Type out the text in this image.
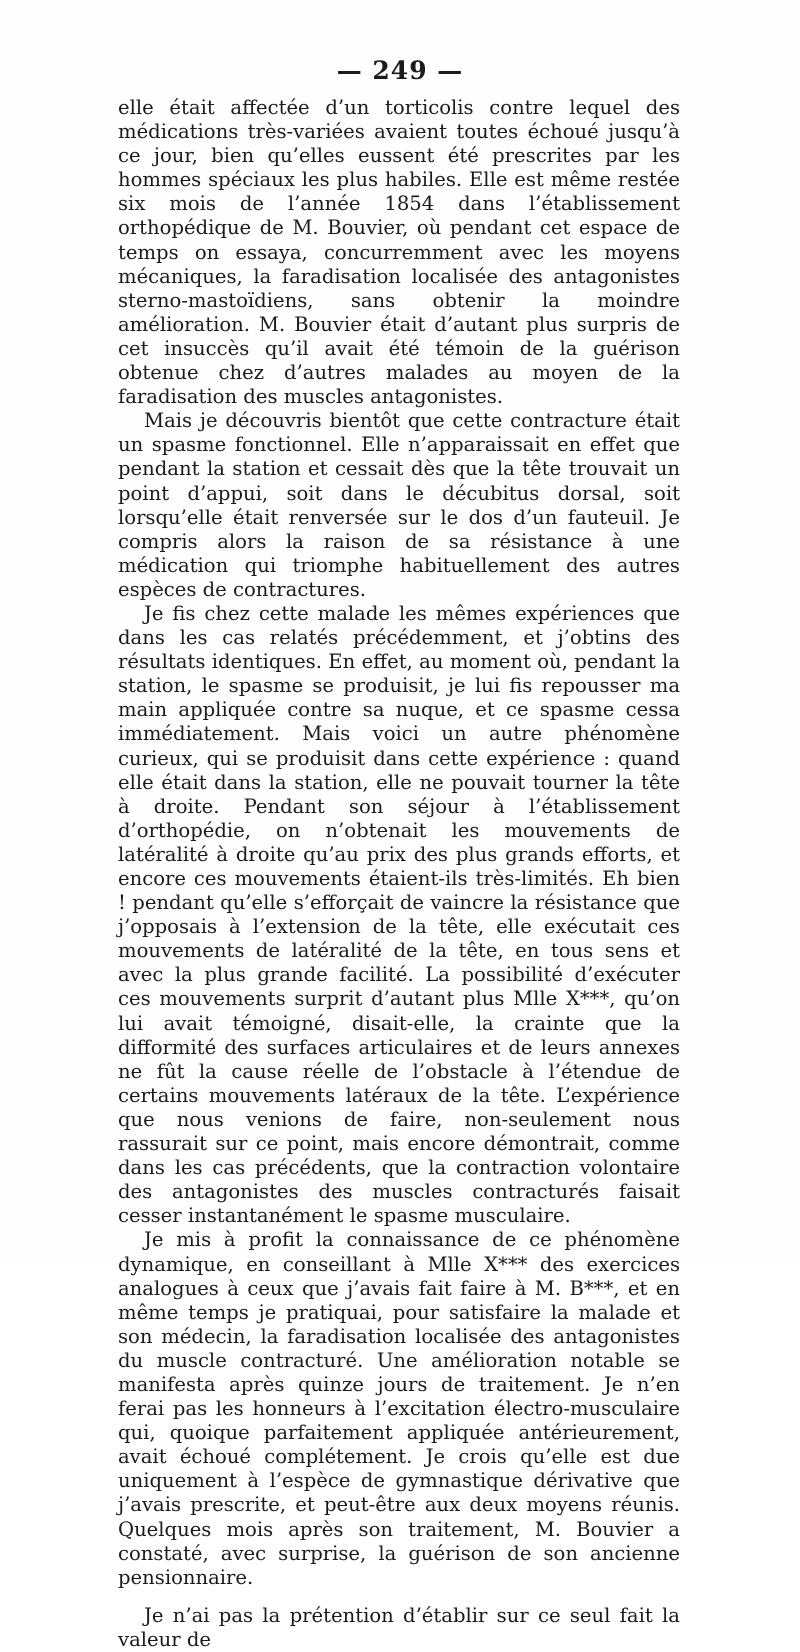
— 249 —

elle était affectée d’un torticolis contre lequel des médications très-variées avaient toutes échoué jusqu’à ce jour, bien qu’elles eussent été prescrites par les hommes spéciaux les plus habiles. Elle est même restée six mois de l’année 1854 dans l’établissement orthopédique de M. Bouvier, où pendant cet espace de temps on essaya, concurremment avec les moyens mécaniques, la faradisation localisée des antagonistes sterno-mastoïdiens, sans obtenir la moindre amélioration. M. Bouvier était d’autant plus surpris de cet insuccès qu’il avait été témoin de la guérison obtenue chez d’autres malades au moyen de la faradisation des muscles antagonistes.

Mais je découvris bientôt que cette contracture était un spasme fonctionnel. Elle n’apparaissait en effet que pendant la station et cessait dès que la tête trouvait un point d’appui, soit dans le décubitus dorsal, soit lorsqu’elle était renversée sur le dos d’un fauteuil. Je compris alors la raison de sa résistance à une médication qui triomphe habituellement des autres espèces de contractures.

Je fis chez cette malade les mêmes expériences que dans les cas relatés précédemment, et j’obtins des résultats identiques. En effet, au moment où, pendant la station, le spasme se produisit, je lui fis repousser ma main appliquée contre sa nuque, et ce spasme cessa immédiatement. Mais voici un autre phénomène curieux, qui se produisit dans cette expérience : quand elle était dans la station, elle ne pouvait tourner la tête à droite. Pendant son séjour à l’établissement d’orthopédie, on n’obtenait les mouvements de latéralité à droite qu’au prix des plus grands efforts, et encore ces mouvements étaient-ils très-limités. Eh bien ! pendant qu’elle s’efforçait de vaincre la résistance que j’opposais à l’extension de la tête, elle exécutait ces mouvements de latéralité de la tête, en tous sens et avec la plus grande facilité. La possibilité d’exécuter ces mouvements surprit d’autant plus Mlle X***, qu’on lui avait témoigné, disait-elle, la crainte que la difformité des surfaces articulaires et de leurs annexes ne fût la cause réelle de l’obstacle à l’étendue de certains mouvements latéraux de la tête. L’expérience que nous venions de faire, non-seulement nous rassurait sur ce point, mais encore démontrait, comme dans les cas précédents, que la contraction volontaire des antagonistes des muscles contracturés faisait cesser instantanément le spasme musculaire.

Je mis à profit la connaissance de ce phénomène dynamique, en conseillant à Mlle X*** des exercices analogues à ceux que j’avais fait faire à M. B***, et en même temps je pratiquai, pour satisfaire la malade et son médecin, la faradisation localisée des antagonistes du muscle contracturé. Une amélioration notable se manifesta après quinze jours de traitement. Je n’en ferai pas les honneurs à l’excitation électro-musculaire qui, quoique parfaitement appliquée antérieurement, avait échoué complétement. Je crois qu’elle est due uniquement à l’espèce de gymnastique dérivative que j’avais prescrite, et peut-être aux deux moyens réunis. Quelques mois après son traitement, M. Bouvier a constaté, avec surprise, la guérison de son ancienne pensionnaire.

Je n’ai pas la prétention d’établir sur ce seul fait la valeur de
